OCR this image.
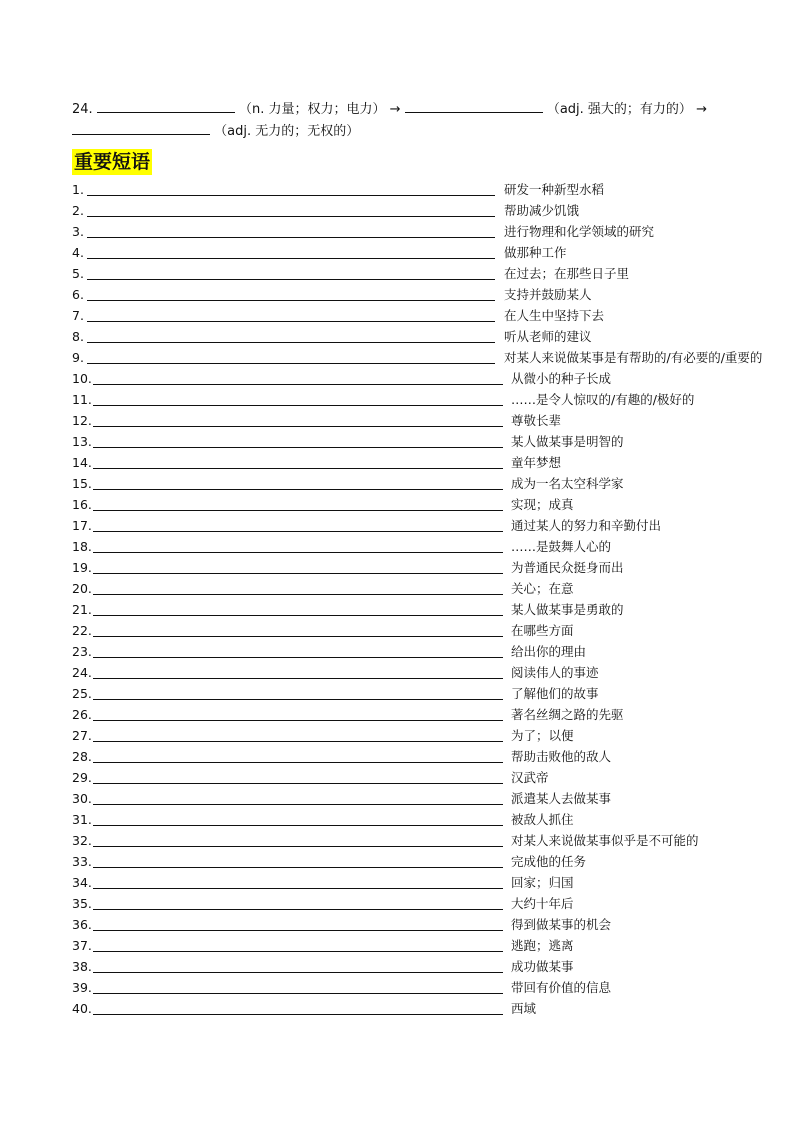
24.	（n. 力量；权力；电力） →	（adj. 强大的；有力的） →
（adj. 无力的；无权的）
重要短语
1.	研发一种新型水稻
2.	帮助减少饥饿
3.	进行物理和化学领域的研究
4.	做那种工作
5.	在过去；在那些日子里
6.	支持并鼓励某人
7.	在人生中坚持下去
8.	听从老师的建议
9.	对某人来说做某事是有帮助的/有必要的/重要的
10.	从微小的种子长成
11.	……是令人惊叹的/有趣的/极好的
12.	尊敬长辈
13.	某人做某事是明智的
14.	童年梦想
15.	成为一名太空科学家
16.	实现；成真
17.	通过某人的努力和辛勤付出
18.	……是鼓舞人心的
19.	为普通民众挺身而出
20.	关心；在意
21.	某人做某事是勇敢的
22.	在哪些方面
23.	给出你的理由
24.	阅读伟人的事迹
25.	了解他们的故事
26.	著名丝绸之路的先驱
27.	为了；以便
28.	帮助击败他的敌人
29.	汉武帝
30.	派遣某人去做某事
31.	被敌人抓住
32.	对某人来说做某事似乎是不可能的
33.	完成他的任务
34.	回家；归国
35.	大约十年后
36.	得到做某事的机会
37.	逃跑；逃离
38.	成功做某事
39.	带回有价值的信息
40.	西域
